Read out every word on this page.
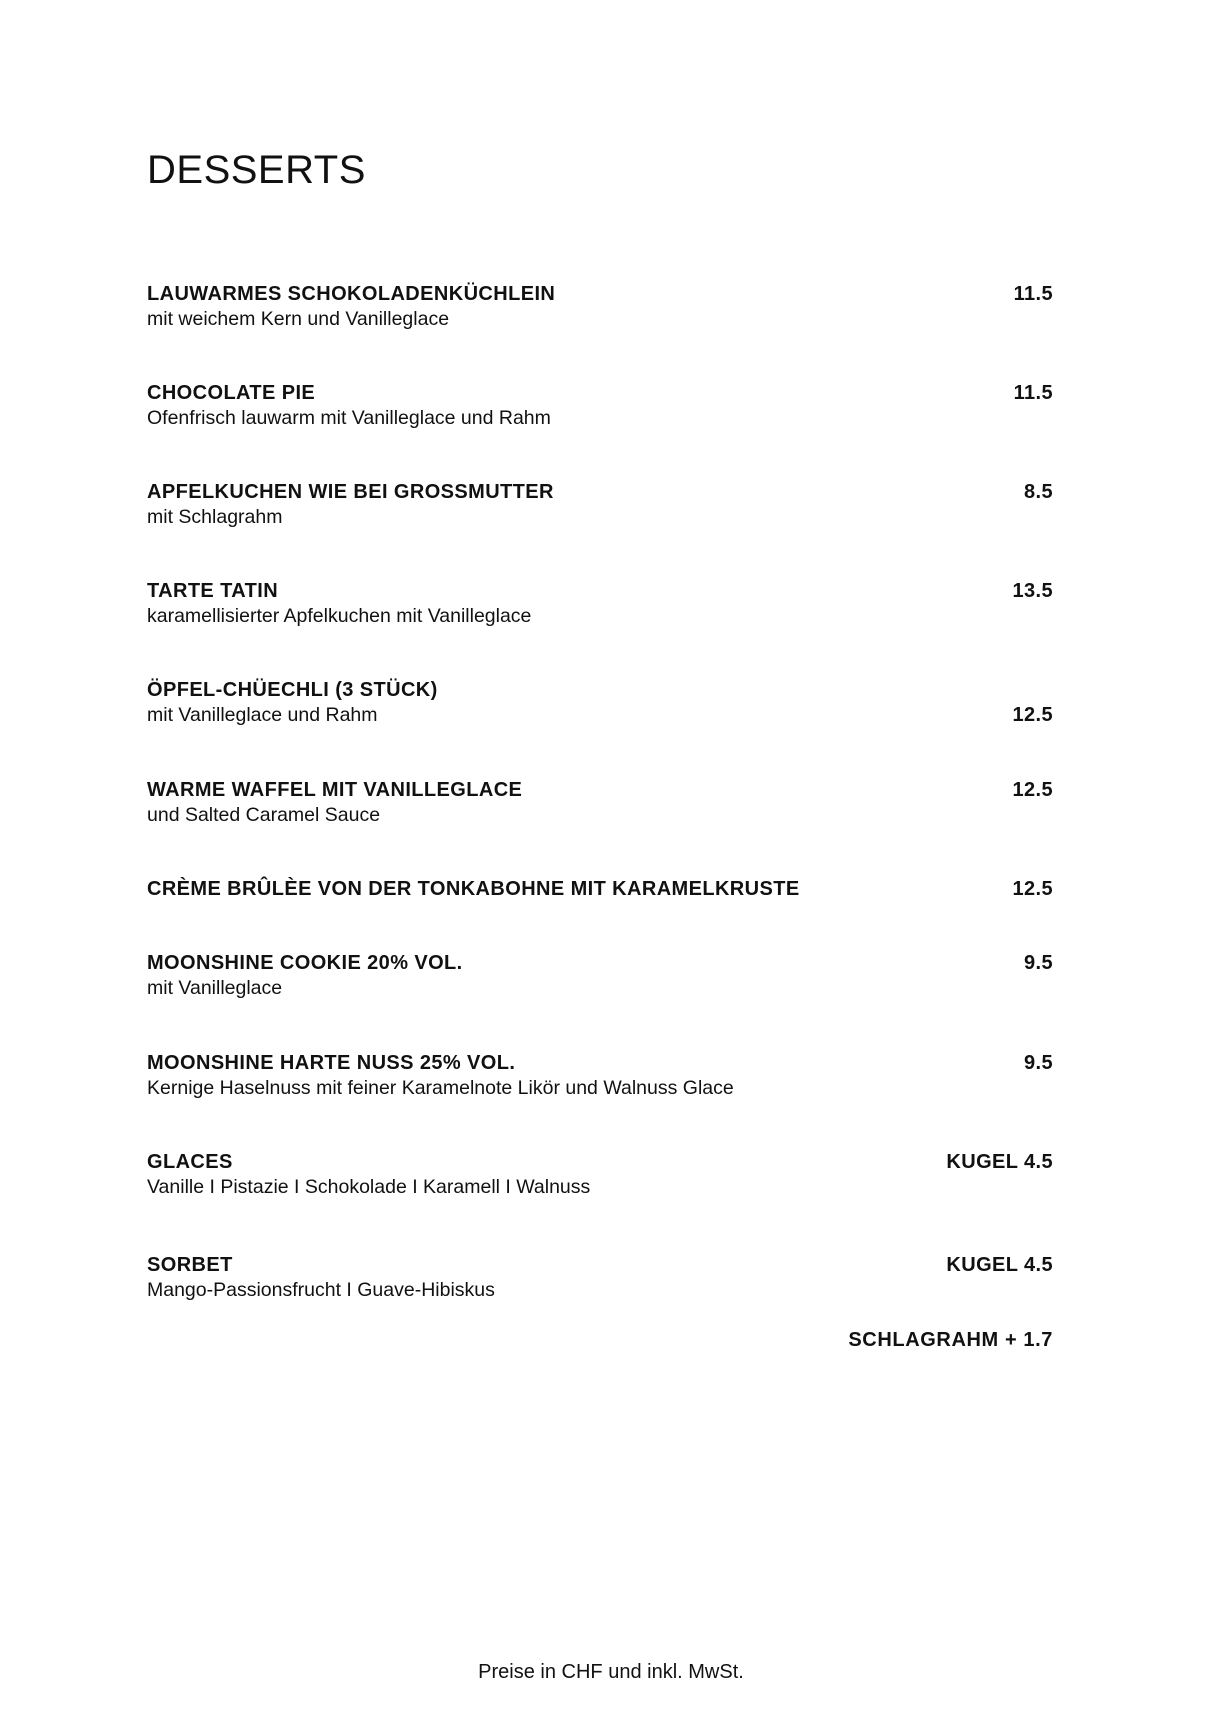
DESSERTS
LAUWARMES SCHOKOLADENKÜCHLEIN
mit weichem Kern und Vanilleglace
11.5
CHOCOLATE PIE
Ofenfrisch lauwarm mit Vanilleglace und Rahm
11.5
APFELKUCHEN WIE BEI GROSSMUTTER
mit Schlagrahm
8.5
TARTE TATIN
karamellisierter Apfelkuchen mit Vanilleglace
13.5
ÖPFEL-CHÜECHLI (3 STÜCK)
mit Vanilleglace und Rahm	12.5
WARME WAFFEL MIT VANILLEGLACE
und Salted Caramel Sauce
12.5
CRÈME BRÛLÈE VON DER TONKABOHNE MIT KARAMELKRUSTE	12.5
MOONSHINE COOKIE 20% VOL.
mit Vanilleglace
9.5
MOONSHINE HARTE NUSS 25% VOL.
Kernige Haselnuss mit feiner Karamelnote Likör und Walnuss Glace
9.5
GLACES
Vanille I Pistazie I Schokolade I Karamell I Walnuss
KUGEL 4.5
SORBET
Mango-Passionsfrucht I Guave-Hibiskus
KUGEL 4.5
SCHLAGRAHM + 1.7
Preise in CHF und inkl. MwSt.
